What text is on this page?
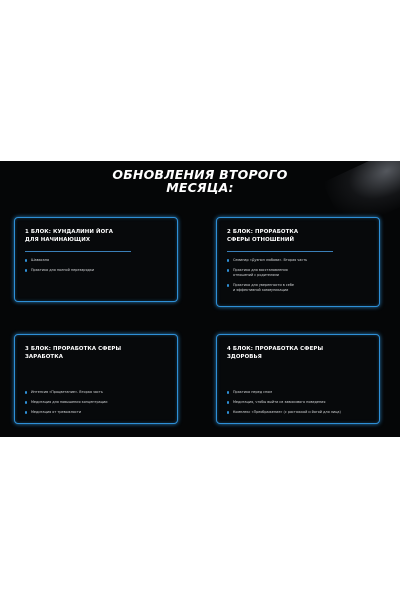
ОБНОВЛЕНИЯ ВТОРОГО
МЕСЯЦА:
1 БЛОК: КУНДАЛИНИ ЙОГА
ДЛЯ НАЧИНАЮЩИХ
Шавасана
Практика для полной перезарядки
2 БЛОК: ПРОРАБОТКА
СФЕРЫ ОТНОШЕНИЙ
Семинар «Дуэнон любови». Вторая часть
Практика для восстановления
отношений с родителями
Практика для уверенности в себе
и эффективной коммуникации
3 БЛОК: ПРОРАБОТКА СФЕРЫ
ЗАРАБОТКА
Интенсив «Процветание». Вторая часть
Медитация для повышения концентрации
Медитация от тревожности
4 БЛОК: ПРОРАБОТКА СФЕРЫ
ЗДОРОВЬЯ
Практика перед сном
Медитация, чтобы выйти из зависимого поведения
Комплекс «Преображение» (с растяжкой и йогой для лица)
